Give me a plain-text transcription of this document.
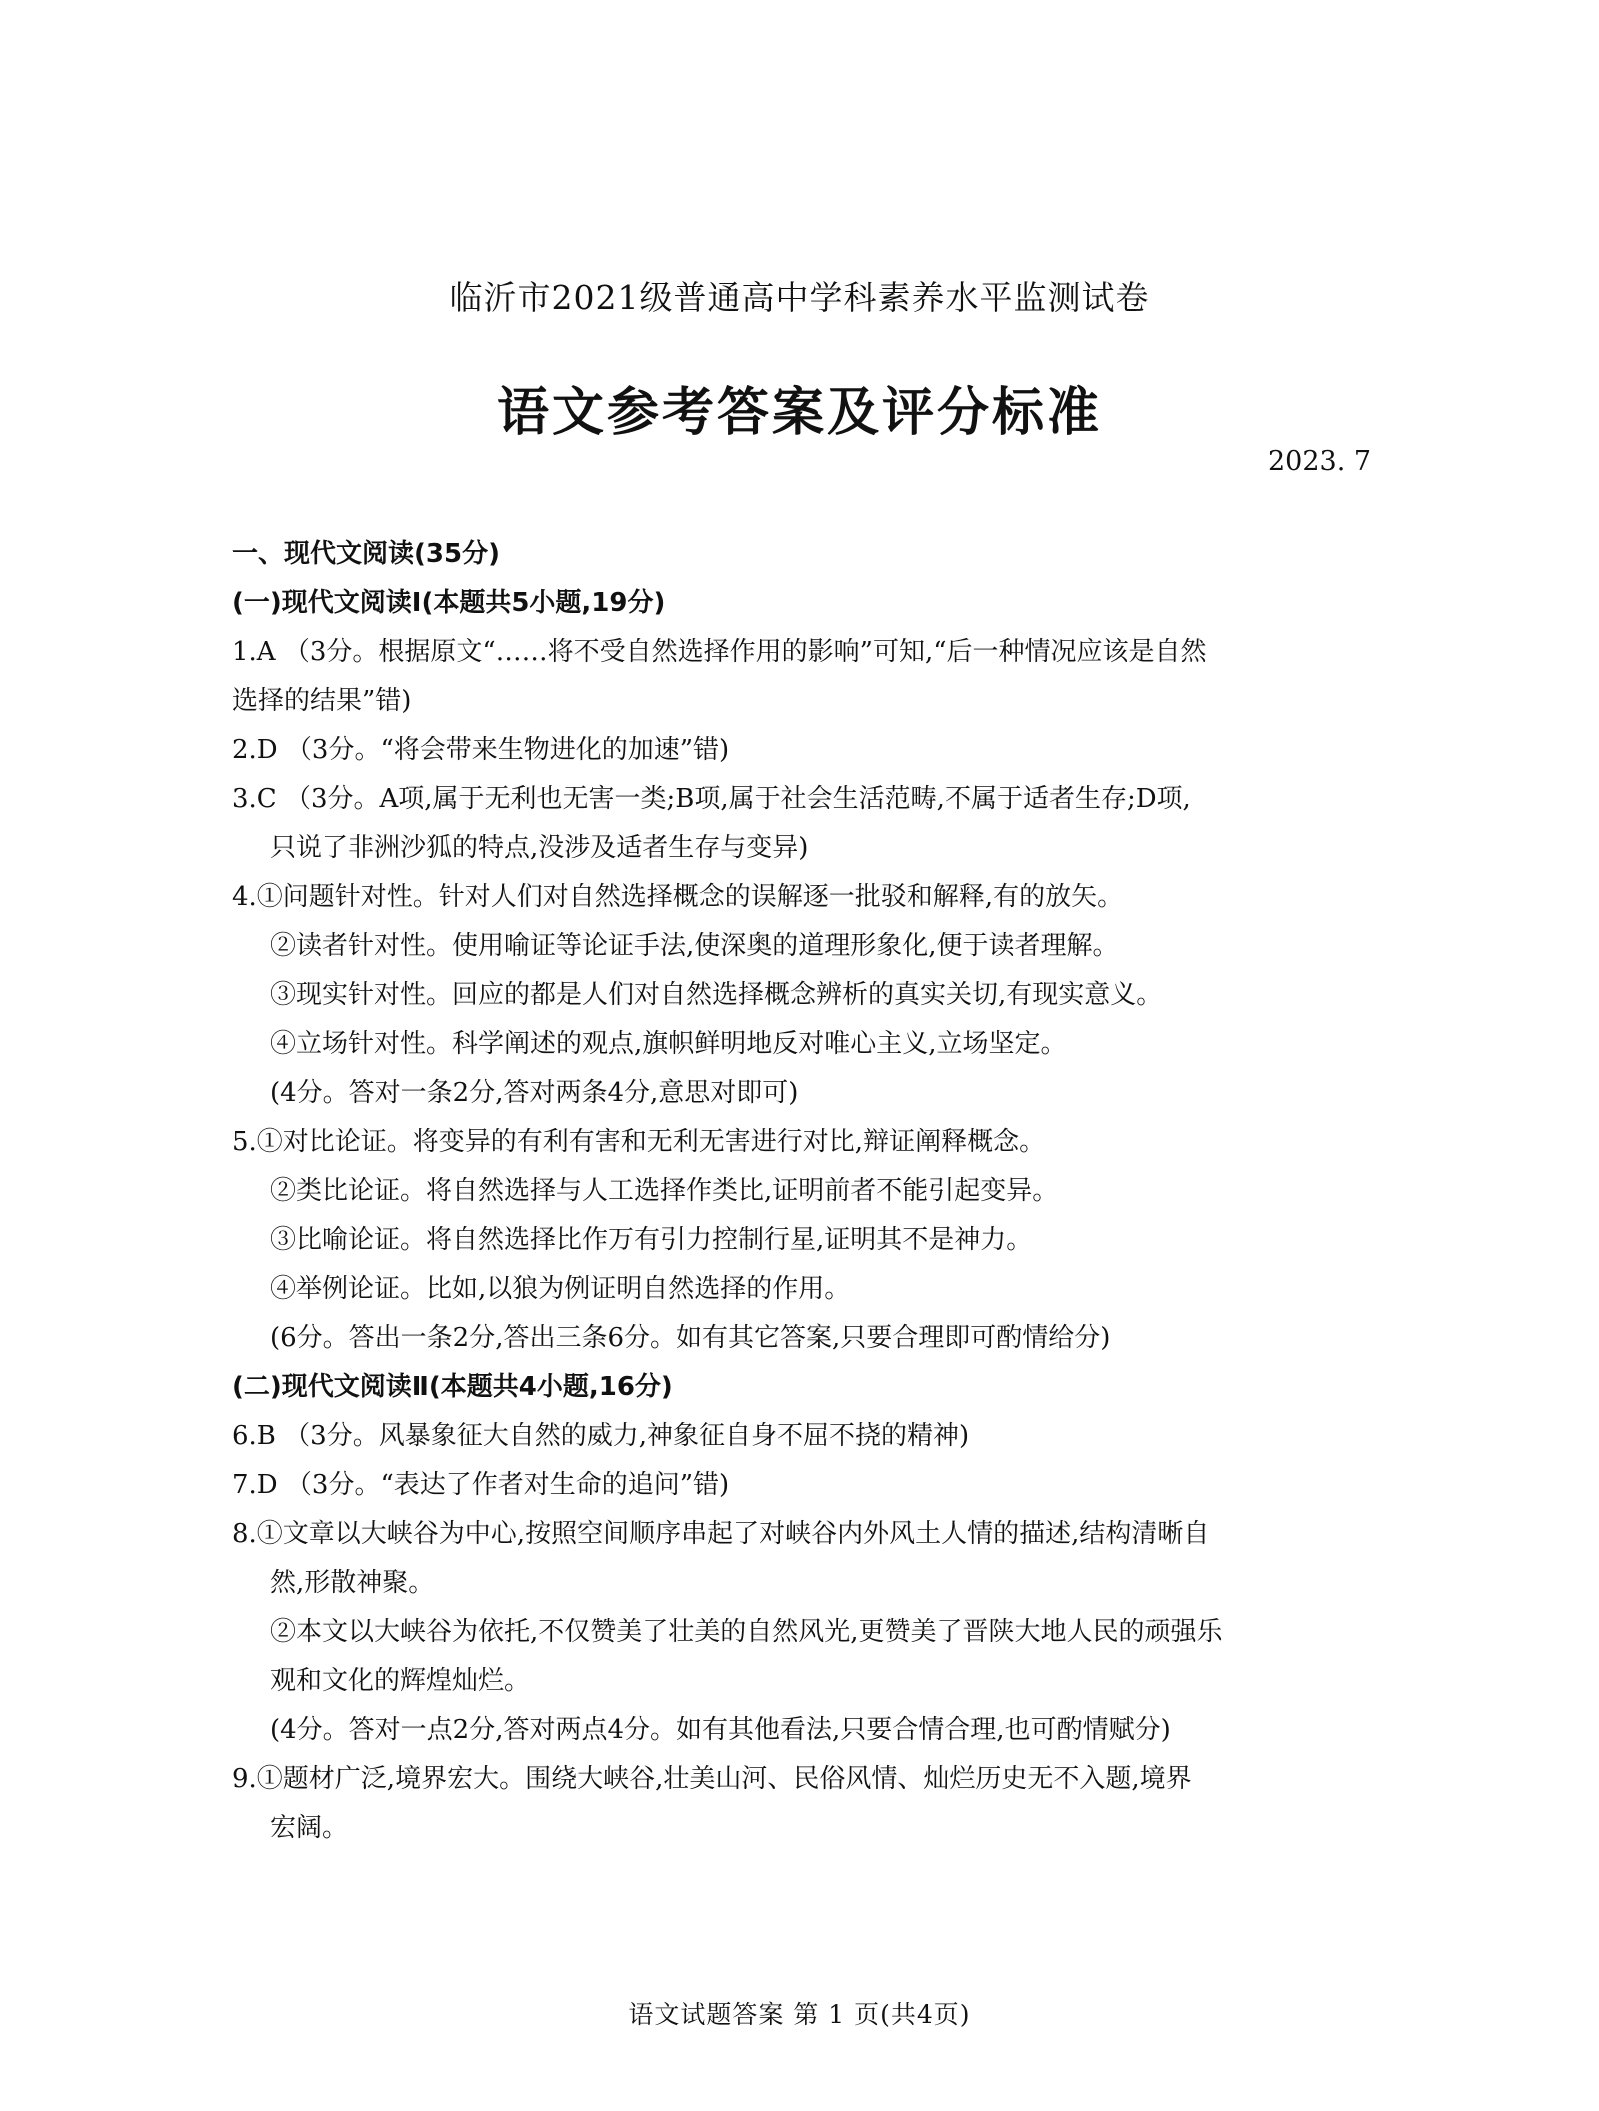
临沂市2021级普通高中学科素养水平监测试卷
语文参考答案及评分标准
2023. 7
一、现代文阅读(35分)
(一)现代文阅读Ⅰ(本题共5小题,19分)
1.A （3分。根据原文“……将不受自然选择作用的影响”可知,“后一种情况应该是自然
选择的结果”错)
2.D （3分。“将会带来生物进化的加速”错)
3.C （3分。A项,属于无利也无害一类;B项,属于社会生活范畴,不属于适者生存;D项,
只说了非洲沙狐的特点,没涉及适者生存与变异)
4.①问题针对性。针对人们对自然选择概念的误解逐一批驳和解释,有的放矢。
②读者针对性。使用喻证等论证手法,使深奥的道理形象化,便于读者理解。
③现实针对性。回应的都是人们对自然选择概念辨析的真实关切,有现实意义。
④立场针对性。科学阐述的观点,旗帜鲜明地反对唯心主义,立场坚定。
(4分。答对一条2分,答对两条4分,意思对即可)
5.①对比论证。将变异的有利有害和无利无害进行对比,辩证阐释概念。
②类比论证。将自然选择与人工选择作类比,证明前者不能引起变异。
③比喻论证。将自然选择比作万有引力控制行星,证明其不是神力。
④举例论证。比如,以狼为例证明自然选择的作用。
(6分。答出一条2分,答出三条6分。如有其它答案,只要合理即可酌情给分)
(二)现代文阅读Ⅱ(本题共4小题,16分)
6.B （3分。风暴象征大自然的威力,神象征自身不屈不挠的精神)
7.D （3分。“表达了作者对生命的追问”错)
8.①文章以大峡谷为中心,按照空间顺序串起了对峡谷内外风土人情的描述,结构清晰自
然,形散神聚。
②本文以大峡谷为依托,不仅赞美了壮美的自然风光,更赞美了晋陕大地人民的顽强乐
观和文化的辉煌灿烂。
(4分。答对一点2分,答对两点4分。如有其他看法,只要合情合理,也可酌情赋分)
9.①题材广泛,境界宏大。围绕大峡谷,壮美山河、民俗风情、灿烂历史无不入题,境界
宏阔。
语文试题答案 第 1 页(共4页)
